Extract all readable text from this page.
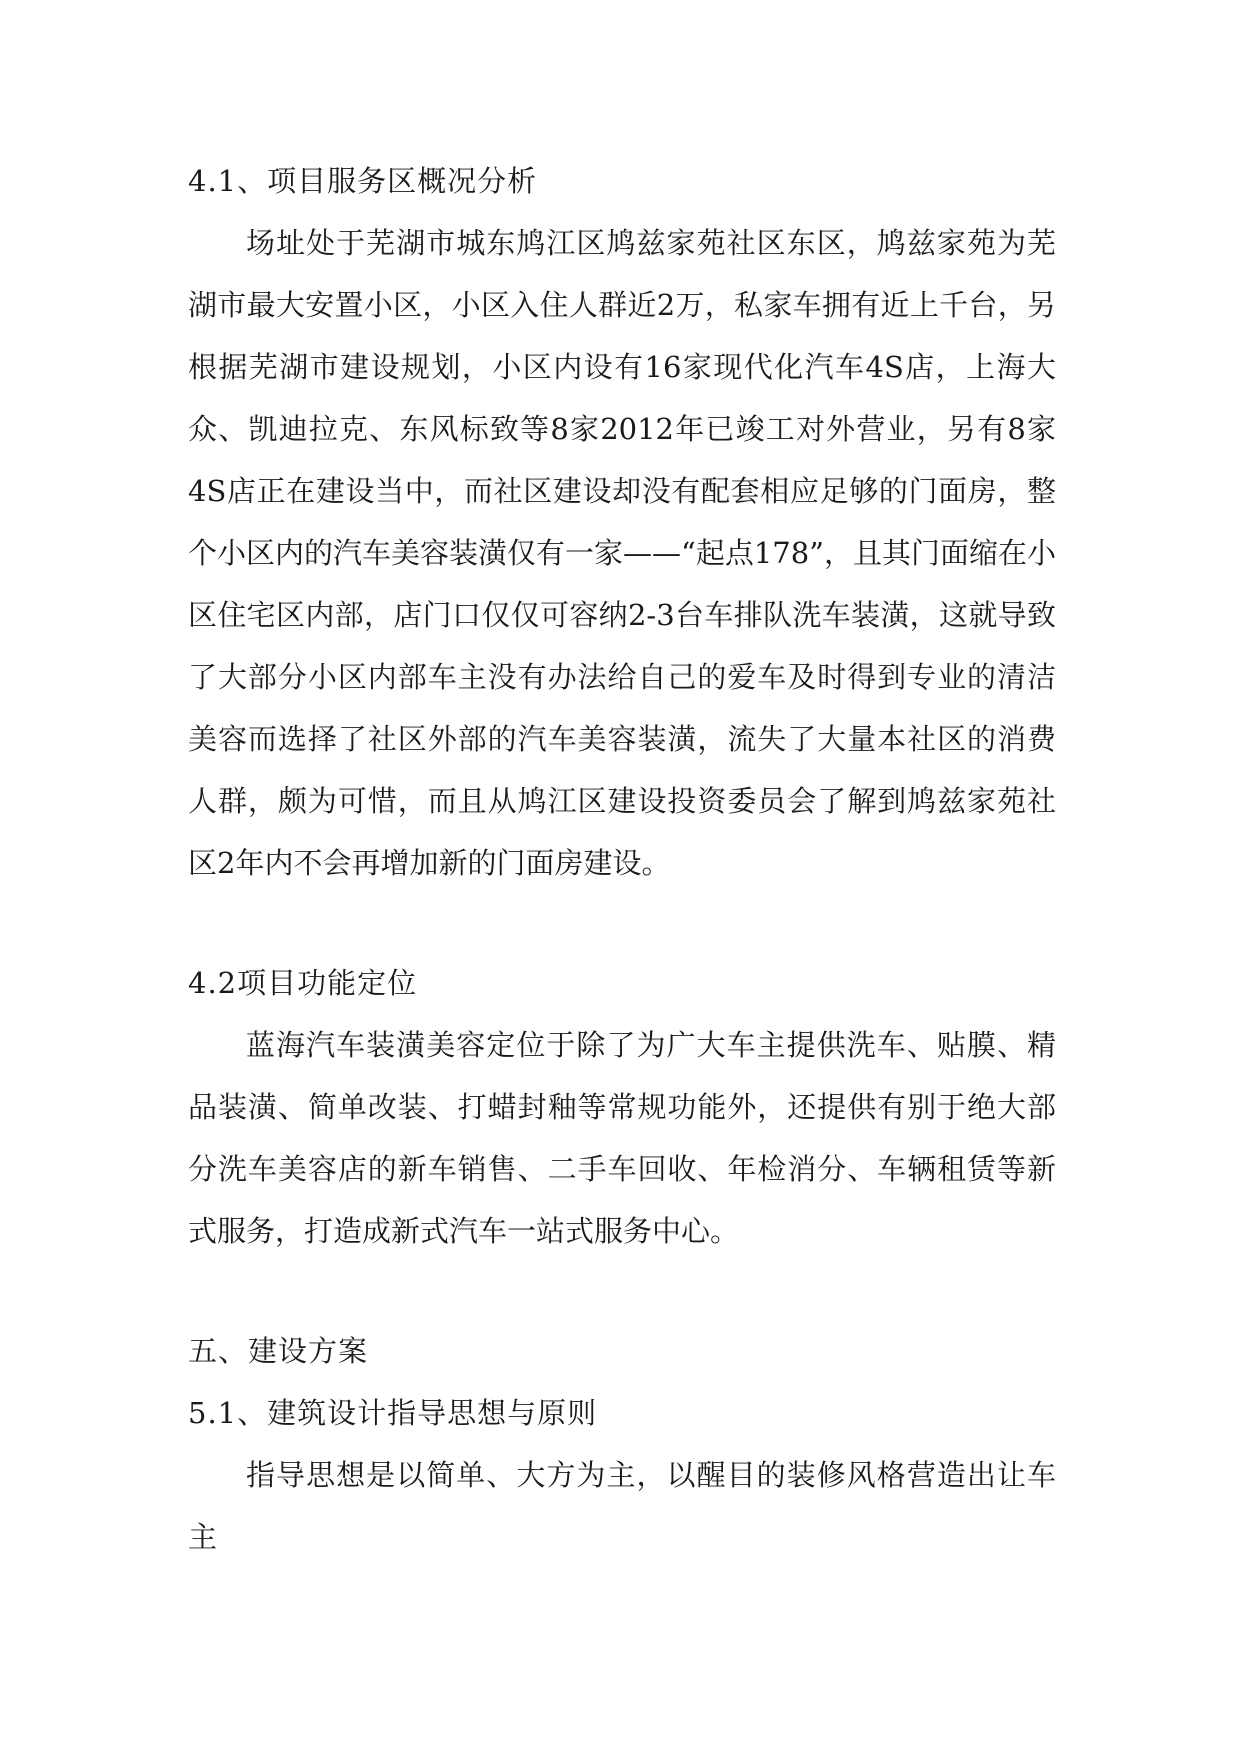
4.1、项目服务区概况分析

场址处于芜湖市城东鸠江区鸠兹家苑社区东区，鸠兹家苑为芜湖市最大安置小区，小区入住人群近2万，私家车拥有近上千台，另根据芜湖市建设规划，小区内设有16家现代化汽车4S店，上海大众、凯迪拉克、东风标致等8家2012年已竣工对外营业，另有8家4S店正在建设当中，而社区建设却没有配套相应足够的门面房，整个小区内的汽车美容装潢仅有一家——“起点178”，且其门面缩在小区住宅区内部，店门口仅仅可容纳2-3台车排队洗车装潢，这就导致了大部分小区内部车主没有办法给自己的爱车及时得到专业的清洁美容而选择了社区外部的汽车美容装潢，流失了大量本社区的消费人群，颇为可惜，而且从鸠江区建设投资委员会了解到鸠兹家苑社区2年内不会再增加新的门面房建设。

4.2项目功能定位

蓝海汽车装潢美容定位于除了为广大车主提供洗车、贴膜、精品装潢、简单改装、打蜡封釉等常规功能外，还提供有别于绝大部分洗车美容店的新车销售、二手车回收、年检消分、车辆租赁等新式服务，打造成新式汽车一站式服务中心。

五、建设方案
5.1、建筑设计指导思想与原则

指导思想是以简单、大方为主，以醒目的装修风格营造出让车主
